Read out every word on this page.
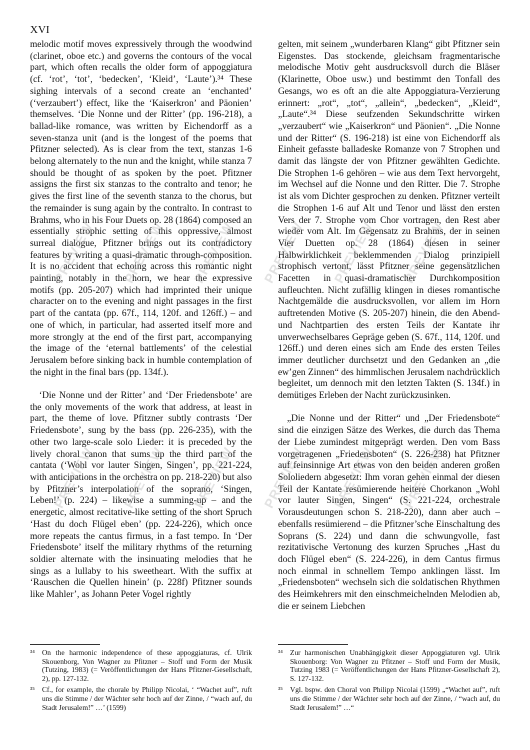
XVI

melodic motif moves expressively through the woodwind (clarinet, oboe etc.) and governs the contours of the vocal part, which often recalls the older form of appoggiatura (cf. ‘rot’, ‘tot’, ‘bedecken’, ‘Kleid’, ‘Laute’).³⁴ These sighing intervals of a second create an ‘enchanted’ (‘verzaubert’) effect, like the ‘Kaiserkron’ and Päonien’ themselves. ‘Die Nonne und der Ritter’ (pp. 196-218), a ballad-like romance, was written by Eichendorff as a seven-stanza unit (and is the longest of the poems that Pfitzner selected). As is clear from the text, stanzas 1-6 belong alternately to the nun and the knight, while stanza 7 should be thought of as spoken by the poet. Pfitzner assigns the first six stanzas to the contralto and tenor; he gives the first line of the seventh stanza to the chorus, but the remainder is sung again by the contralto. In contrast to Brahms, who in his Four Duets op. 28 (1864) composed an essentially strophic setting of this oppressive, almost surreal dialogue, Pfitzner brings out its contradictory features by writing a quasi-dramatic through-composition. It is no accident that echoing across this romantic night painting, notably in the horn, we hear the expressive motifs (pp. 205-207) which had imprinted their unique character on to the evening and night passages in the first part of the cantata (pp. 67f., 114, 120f. and 126ff.) – and one of which, in particular, had asserted itself more and more strongly at the end of the first part, accompanying the image of the ‘eternal battlements’ of the celestial Jerusalem before sinking back in humble contemplation of the night in the final bars (pp. 134f.).

‘Die Nonne und der Ritter’ and ‘Der Friedensbote’ are the only movements of the work that address, at least in part, the theme of love. Pfitzner subtly contrasts ‘Der Friedensbote’, sung by the bass (pp. 226-235), with the other two large-scale solo Lieder: it is preceded by the lively choral canon that sums up the third part of the cantata (‘Wohl vor lauter Singen, Singen’, pp. 221-224, with anticipations in the orchestra on pp. 218-220) but also by Pfitzner’s interpolation of the soprano, ‘Singen, Leben!’ (p. 224) – likewise a summing-up – and the energetic, almost recitative-like setting of the short Spruch ‘Hast du doch Flügel eben’ (pp. 224-226), which once more repeats the cantus firmus, in a fast tempo. In ‘Der Friedensbote’ itself the military rhythms of the returning soldier alternate with the insinuating melodies that he sings as a lullaby to his sweetheart. With the suffix at ‘Rauschen die Quellen hinein’ (p. 228f) Pfitzner sounds like Mahler’, as Johann Peter Vogel rightly

gelten, mit seinem „wunderbaren Klang“ gibt Pfitzner sein Eigenstes. Das stockende, gleichsam fragmentarische melodische Motiv geht ausdrucksvoll durch die Bläser (Klarinette, Oboe usw.) und bestimmt den Tonfall des Gesangs, wo es oft an die alte Appoggiatura-Verzierung erinnert: „rot“, „tot“, „allein“, „bedecken“, „Kleid“, „Laute“.³⁴ Diese seufzenden Sekundschritte wirken „verzaubert“ wie „Kaiserkron“ und Päonien“. „Die Nonne und der Ritter“ (S. 196-218) ist eine von Eichendorff als Einheit gefasste balladeske Romanze von 7 Strophen und damit das längste der von Pfitzner gewählten Gedichte. Die Strophen 1-6 gehören – wie aus dem Text hervorgeht, im Wechsel auf die Nonne und den Ritter. Die 7. Strophe ist als vom Dichter gesprochen zu denken. Pfitzner verteilt die Strophen 1-6 auf Alt und Tenor und lässt den ersten Vers der 7. Strophe vom Chor vortragen, den Rest aber wieder vom Alt. Im Gegensatz zu Brahms, der in seinen Vier Duetten op. 28 (1864) diesen in seiner Halbwirklichkeit beklemmenden Dialog prinzipiell strophisch vertont, lässt Pfitzner seine gegensätzlichen Facetten in quasi-dramatischer Durchkomposition aufleuchten. Nicht zufällig klingen in dieses romantische Nachtgemälde die ausdrucksvollen, vor allem im Horn auftretenden Motive (S. 205-207) hinein, die den Abend- und Nachtpartien des ersten Teils der Kantate ihr unverwechselbares Gepräge geben (S. 67f., 114, 120f. und 126ff.) und deren eines sich am Ende des ersten Teiles immer deutlicher durchsetzt und den Gedanken an „die ew’gen Zinnen“ des himmlischen Jerusalem nachdrücklich begleitet, um dennoch mit den letzten Takten (S. 134f.) in demütiges Erleben der Nacht zurückzusinken.

„Die Nonne und der Ritter“ und „Der Friedensbote“ sind die einzigen Sätze des Werkes, die durch das Thema der Liebe zumindest mitgeprägt werden. Den vom Bass vorgetragenen „Friedensboten“ (S. 226-238) hat Pfitzner auf feinsinnige Art etwas von den beiden anderen großen Sololiedern abgesetzt: Ihm voran gehen einmal der diesen Teil der Kantate resümierende heitere Chorkanon „Wohl vor lauter Singen, Singen“ (S. 221-224, orchestrale Vorausdeutungen schon S. 218-220), dann aber auch – ebenfalls resümierend – die Pfitzner’sche Einschaltung des Soprans (S. 224) und dann die schwungvolle, fast rezitativische Vertonung des kurzen Spruches „Hast du doch Flügel eben“ (S. 224-226), in dem Cantus firmus noch einmal in schnellem Tempo anklingen lässt. Im „Friedensboten“ wechseln sich die soldatischen Rhythmen des Heimkehrers mit den einschmeichelnden Melodien ab, die er seinem Liebchen

³⁴ On the harmonic independence of these appoggiaturas, cf. Ulrik Skouenborg, Von Wagner zu Pfitzner – Stoff und Form der Musik (Tutzing, 1983) (= Veröffentlichungen der Hans Pfitzner-Gesellschaft, 2), pp. 127-132.
³⁵ Cf., for example, the chorale by Philipp Nicolai, ‘ “Wachet auf”, ruft uns die Stimme / der Wächter sehr hoch auf der Zinne, / “wach auf, du Stadt Jerusalem!” …’ (1599)
³⁴ Zur harmonischen Unabhängigkeit dieser Appoggiaturen vgl. Ulrik Skouenborg: Von Wagner zu Pfitzner – Stoff und Form der Musik, Tutzing 1983 (= Veröffentlichungen der Hans Pfitzner-Gesellschaft 2), S. 127-132.
³⁵ Vgl. bspw. den Choral von Philipp Nicolai (1599) „“Wachet auf”, ruft uns die Stimme / der Wächter sehr hoch auf der Zinne, / “wach auf, du Stadt Jerusalem!” …“
PREVIEW PREVIEW PREVIEW PREVIEW PREVIEW PREVIEW
PREVIEW PREVIEW PREVIEW PREVIEW PREVIEW PREVIEW
